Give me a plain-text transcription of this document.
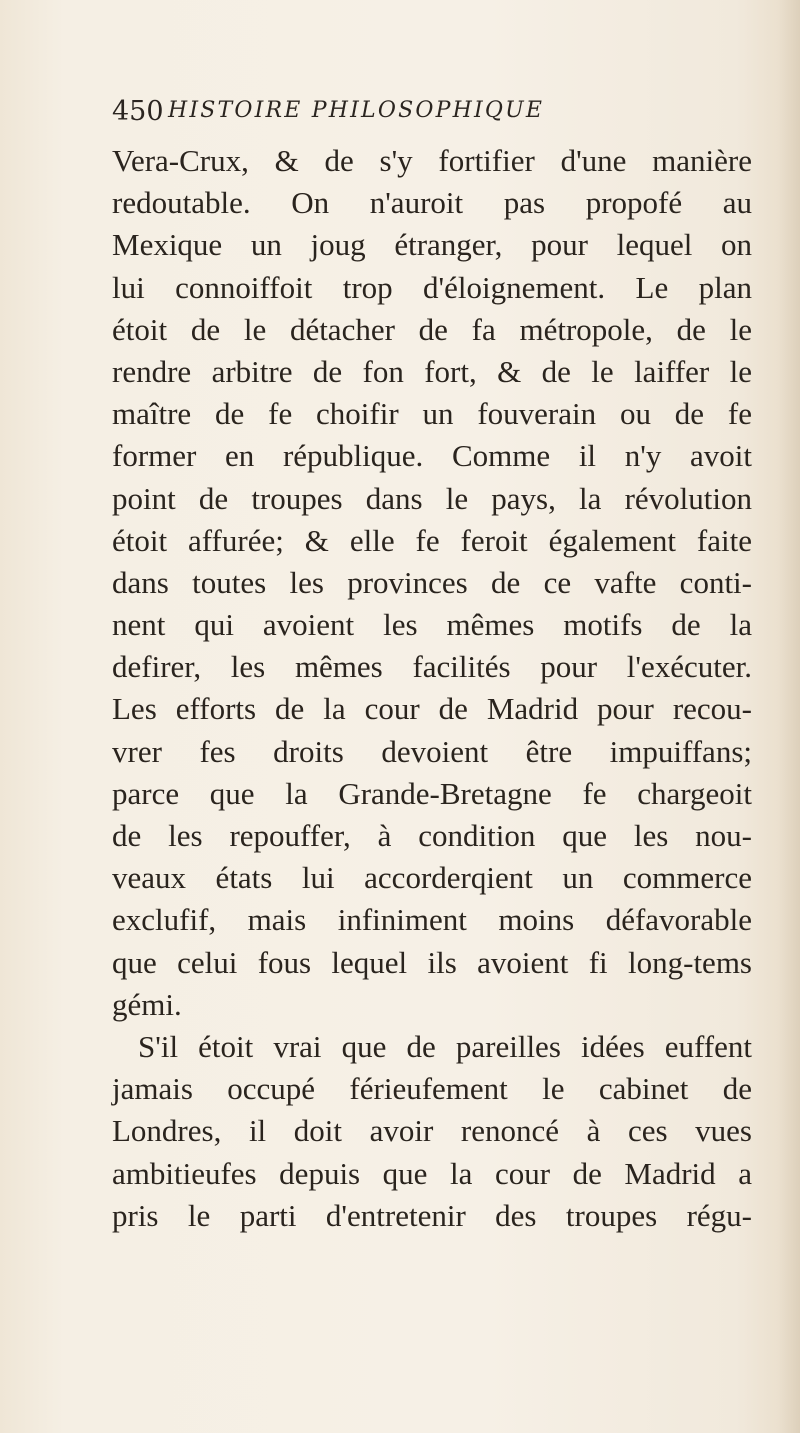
450 HISTOIRE PHILOSOPHIQUE
Vera-Crux, & de s'y fortifier d'une manière
redoutable. On n'auroit pas propofé au
Mexique un joug étranger, pour lequel on
lui connoiffoit trop d'éloignement. Le plan
étoit de le détacher de fa métropole, de le
rendre arbitre de fon fort, & de le laiffer le
maître de fe choifir un fouverain ou de fe
former en république. Comme il n'y avoit
point de troupes dans le pays, la révolution
étoit affurée; & elle fe feroit également faite
dans toutes les provinces de ce vafte conti-
nent qui avoient les mêmes motifs de la
defirer, les mêmes facilités pour l'exécuter.
Les efforts de la cour de Madrid pour recou-
vrer fes droits devoient être impuiffans;
parce que la Grande-Bretagne fe chargeoit
de les repouffer, à condition que les nou-
veaux états lui accorderqient un commerce
exclufif, mais infiniment moins défavorable
que celui fous lequel ils avoient fi long-tems
gémi.
S'il étoit vrai que de pareilles idées euffent
jamais occupé férieufement le cabinet de
Londres, il doit avoir renoncé à ces vues
ambitieufes depuis que la cour de Madrid a
pris le parti d'entretenir des troupes régu-
